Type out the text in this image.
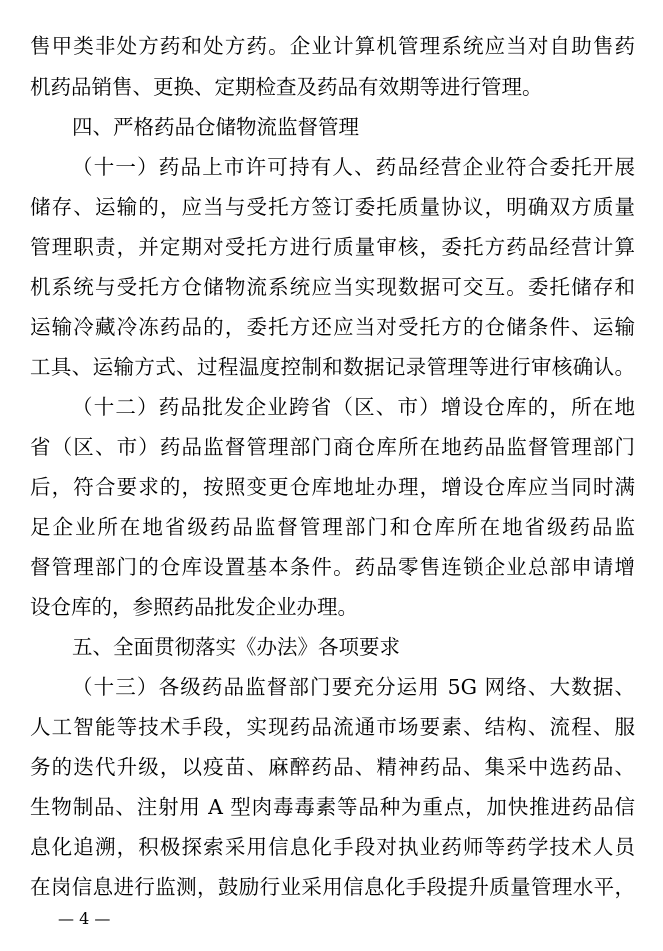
售甲类非处方药和处方药。企业计算机管理系统应当对自助售药
机药品销售、更换、定期检查及药品有效期等进行管理。
四、严格药品仓储物流监督管理
（十一）药品上市许可持有人、药品经营企业符合委托开展
储存、运输的，应当与受托方签订委托质量协议，明确双方质量
管理职责，并定期对受托方进行质量审核，委托方药品经营计算
机系统与受托方仓储物流系统应当实现数据可交互。委托储存和
运输冷藏冷冻药品的，委托方还应当对受托方的仓储条件、运输
工具、运输方式、过程温度控制和数据记录管理等进行审核确认。
（十二）药品批发企业跨省（区、市）增设仓库的，所在地
省（区、市）药品监督管理部门商仓库所在地药品监督管理部门
后，符合要求的，按照变更仓库地址办理，增设仓库应当同时满
足企业所在地省级药品监督管理部门和仓库所在地省级药品监
督管理部门的仓库设置基本条件。药品零售连锁企业总部申请增
设仓库的，参照药品批发企业办理。
五、全面贯彻落实《办法》各项要求
（十三）各级药品监督部门要充分运用 5G 网络、大数据、
人工智能等技术手段，实现药品流通市场要素、结构、流程、服
务的迭代升级，以疫苗、麻醉药品、精神药品、集采中选药品、
生物制品、注射用 A 型肉毒毒素等品种为重点，加快推进药品信
息化追溯，积极探索采用信息化手段对执业药师等药学技术人员
在岗信息进行监测，鼓励行业采用信息化手段提升质量管理水平，
— 4 —
